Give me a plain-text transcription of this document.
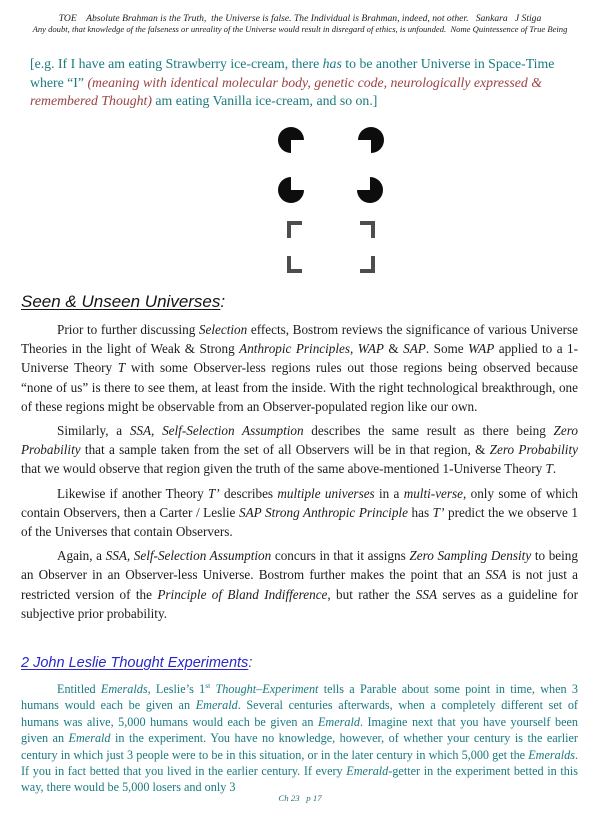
TOE    Absolute Brahman is the Truth,  the Universe is false. The Individual is Brahman, indeed, not other.   Sankara   J Stiga
Any doubt, that knowledge of the falseness or unreality of the Universe would result in disregard of ethics, is unfounded.  Nome Quintessence of True Being

[e.g. If I have am eating Strawberry ice-cream, there has to be another Universe in Space-Time where “I” (meaning with identical molecular body, genetic code, neurologically expressed & remembered Thought) am eating Vanilla ice-cream, and so on.]

Seen & Unseen Universes:

Prior to further discussing Selection effects, Bostrom reviews the significance of various Universe Theories in the light of Weak & Strong Anthropic Principles, WAP & SAP. Some WAP applied to a 1-Universe Theory T with some Observer-less regions rules out those regions being observed because “none of us” is there to see them, at least from the inside. With the right technological breakthrough, one of these regions might be observable from an Observer-populated region like our own.

Similarly, a SSA, Self-Selection Assumption describes the same result as there being Zero Probability that a sample taken from the set of all Observers will be in that region, & Zero Probability that we would observe that region given the truth of the same above-mentioned 1-Universe Theory T.

Likewise if another Theory T’ describes multiple universes in a multi-verse, only some of which contain Observers, then a Carter / Leslie SAP Strong Anthropic Principle has T’ predict the we observe 1 of the Universes that contain Observers.

Again, a SSA, Self-Selection Assumption concurs in that it assigns Zero Sampling Density to being an Observer in an Observer-less Universe. Bostrom further makes the point that an SSA is not just a restricted version of the Principle of Bland Indifference, but rather the SSA serves as a guideline for subjective prior probability.

2 John Leslie Thought Experiments:

Entitled Emeralds, Leslie’s 1st Thought–Experiment tells a Parable about some point in time, when 3 humans would each be given an Emerald. Several centuries afterwards, when a completely different set of humans was alive, 5,000 humans would each be given an Emerald. Imagine next that you have yourself been given an Emerald in the experiment. You have no knowledge, however, of whether your century is the earlier century in which just 3 people were to be in this situation, or in the later century in which 5,000 get the Emeralds. If you in fact betted that you lived in the earlier century. If every Emerald-getter in the experiment betted in this way, there would be 5,000 losers and only 3

Ch 23   p 17
